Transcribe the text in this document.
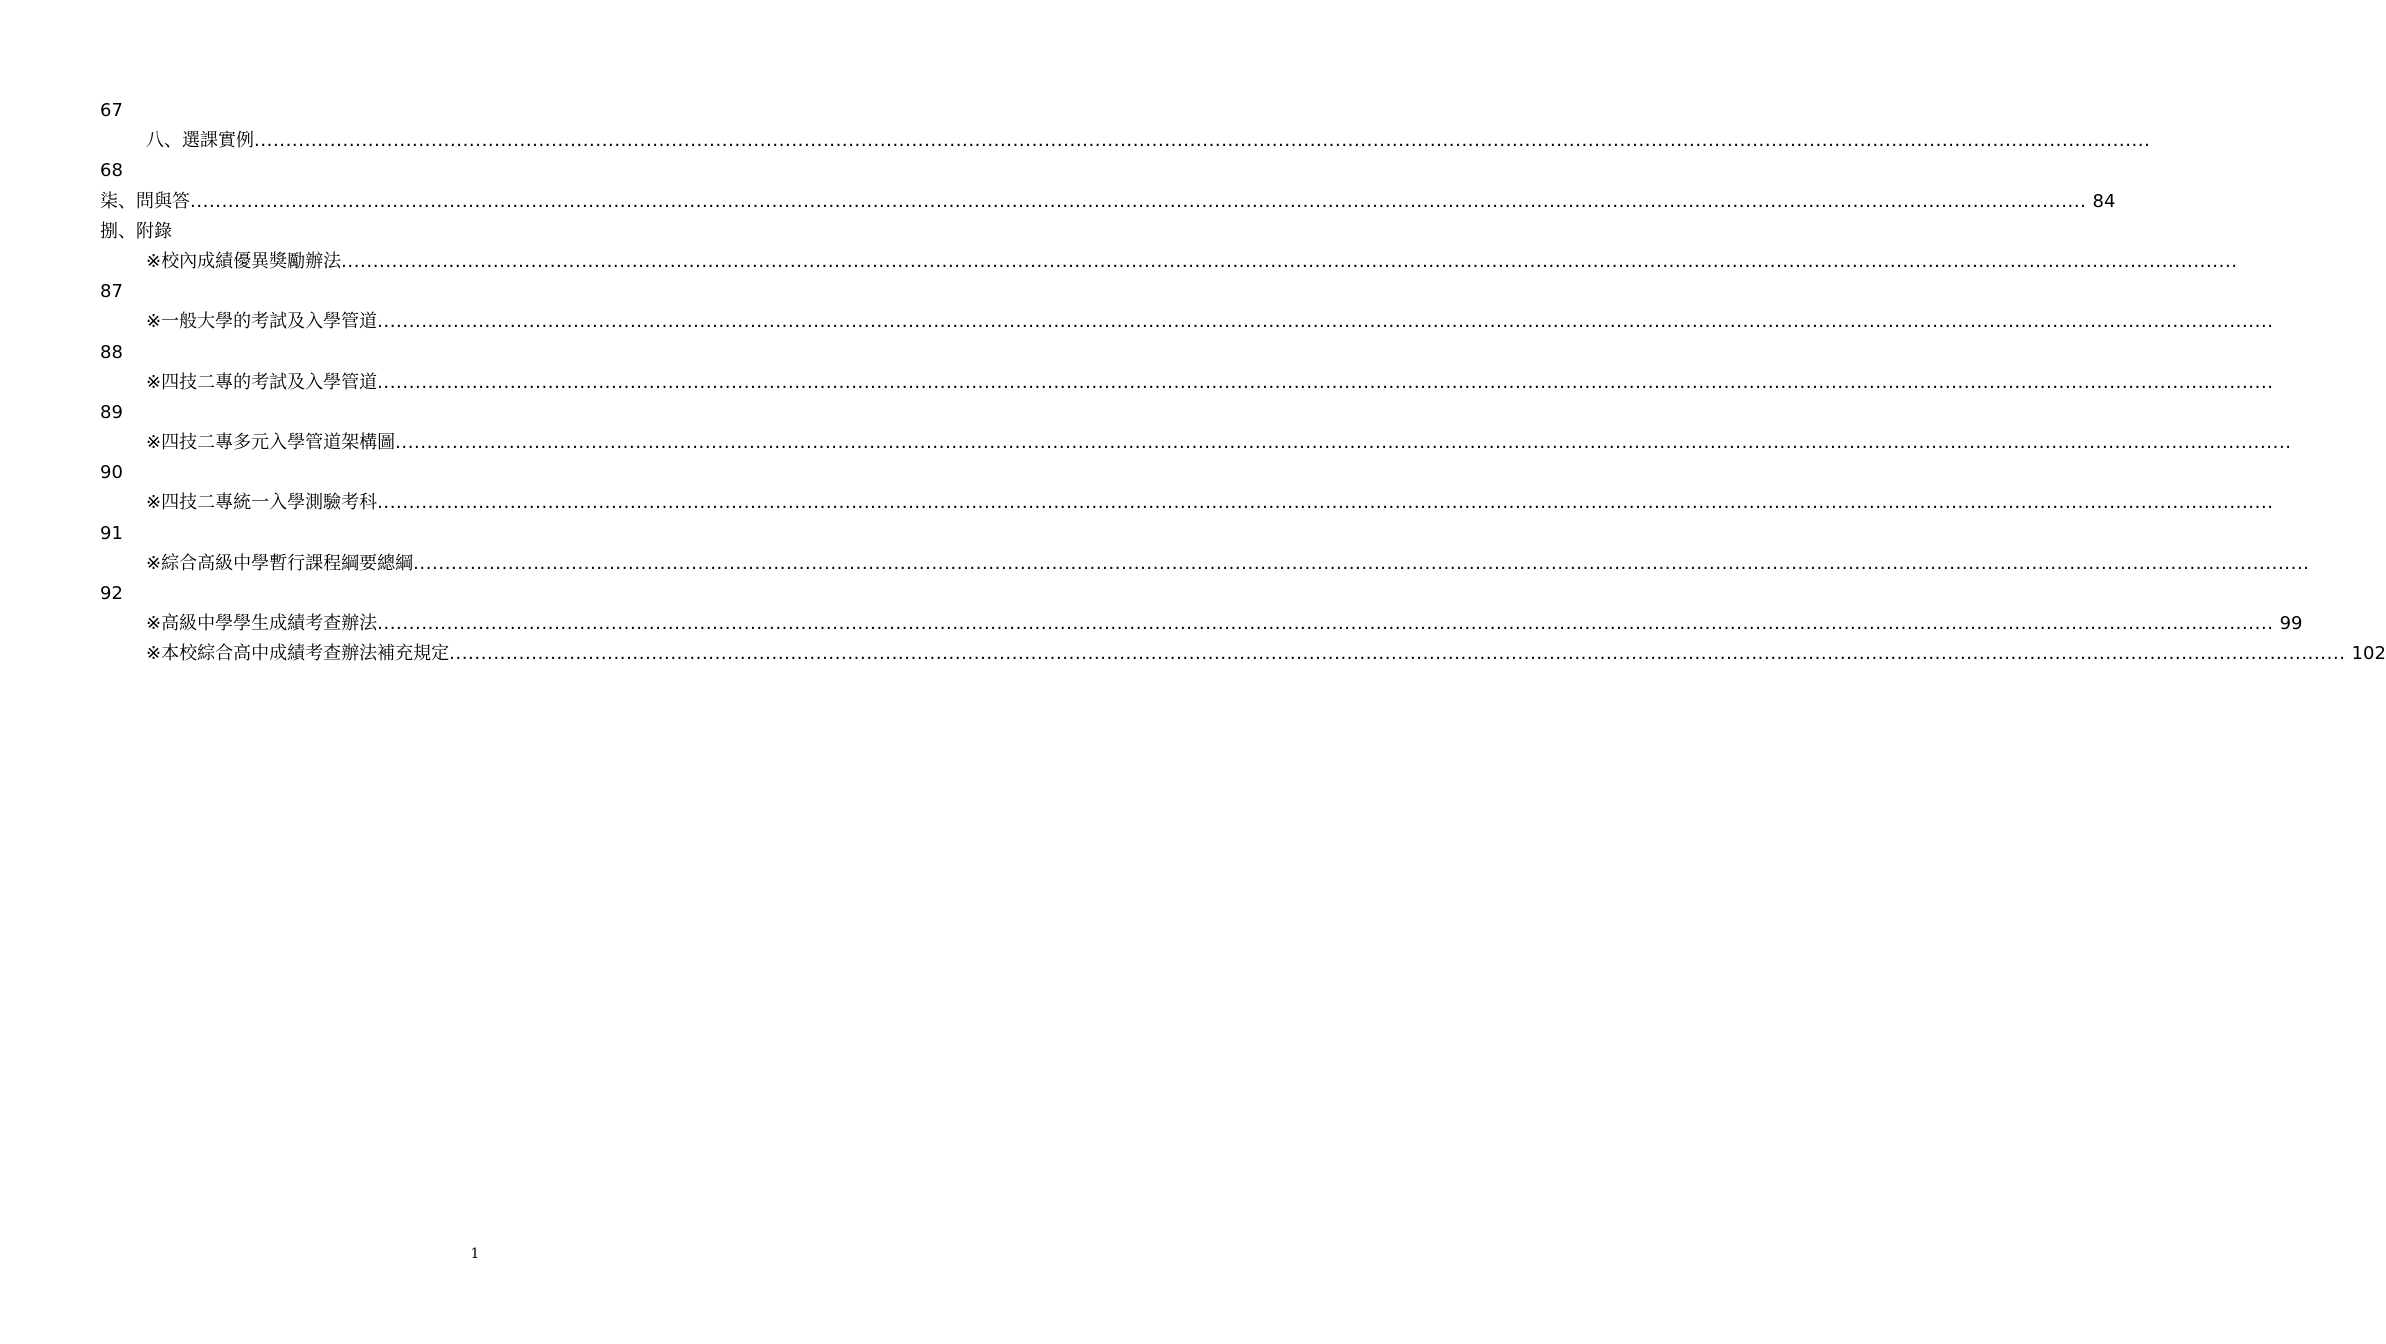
67
八、選課實例 ............................................................................................................................................................................................................................................................................................................
68
柒、問與答 ............................................................................................................................................................................................................................................................................................................ 84
捌、附錄
※校內成績優異獎勵辦法 ............................................................................................................................................................................................................................................................................................................
87
※一般大學的考試及入學管道 ............................................................................................................................................................................................................................................................................................................
88
※四技二專的考試及入學管道 ............................................................................................................................................................................................................................................................................................................
89
※四技二專多元入學管道架構圖 ............................................................................................................................................................................................................................................................................................................
90
※四技二專統一入學測驗考科 ............................................................................................................................................................................................................................................................................................................
91
※綜合高級中學暫行課程綱要總綱 ............................................................................................................................................................................................................................................................................................................
92
※高級中學學生成績考查辦法 ............................................................................................................................................................................................................................................................................................................ 99
※本校綜合高中成績考查辦法補充規定 ............................................................................................................................................................................................................................................................................................................ 102
1
